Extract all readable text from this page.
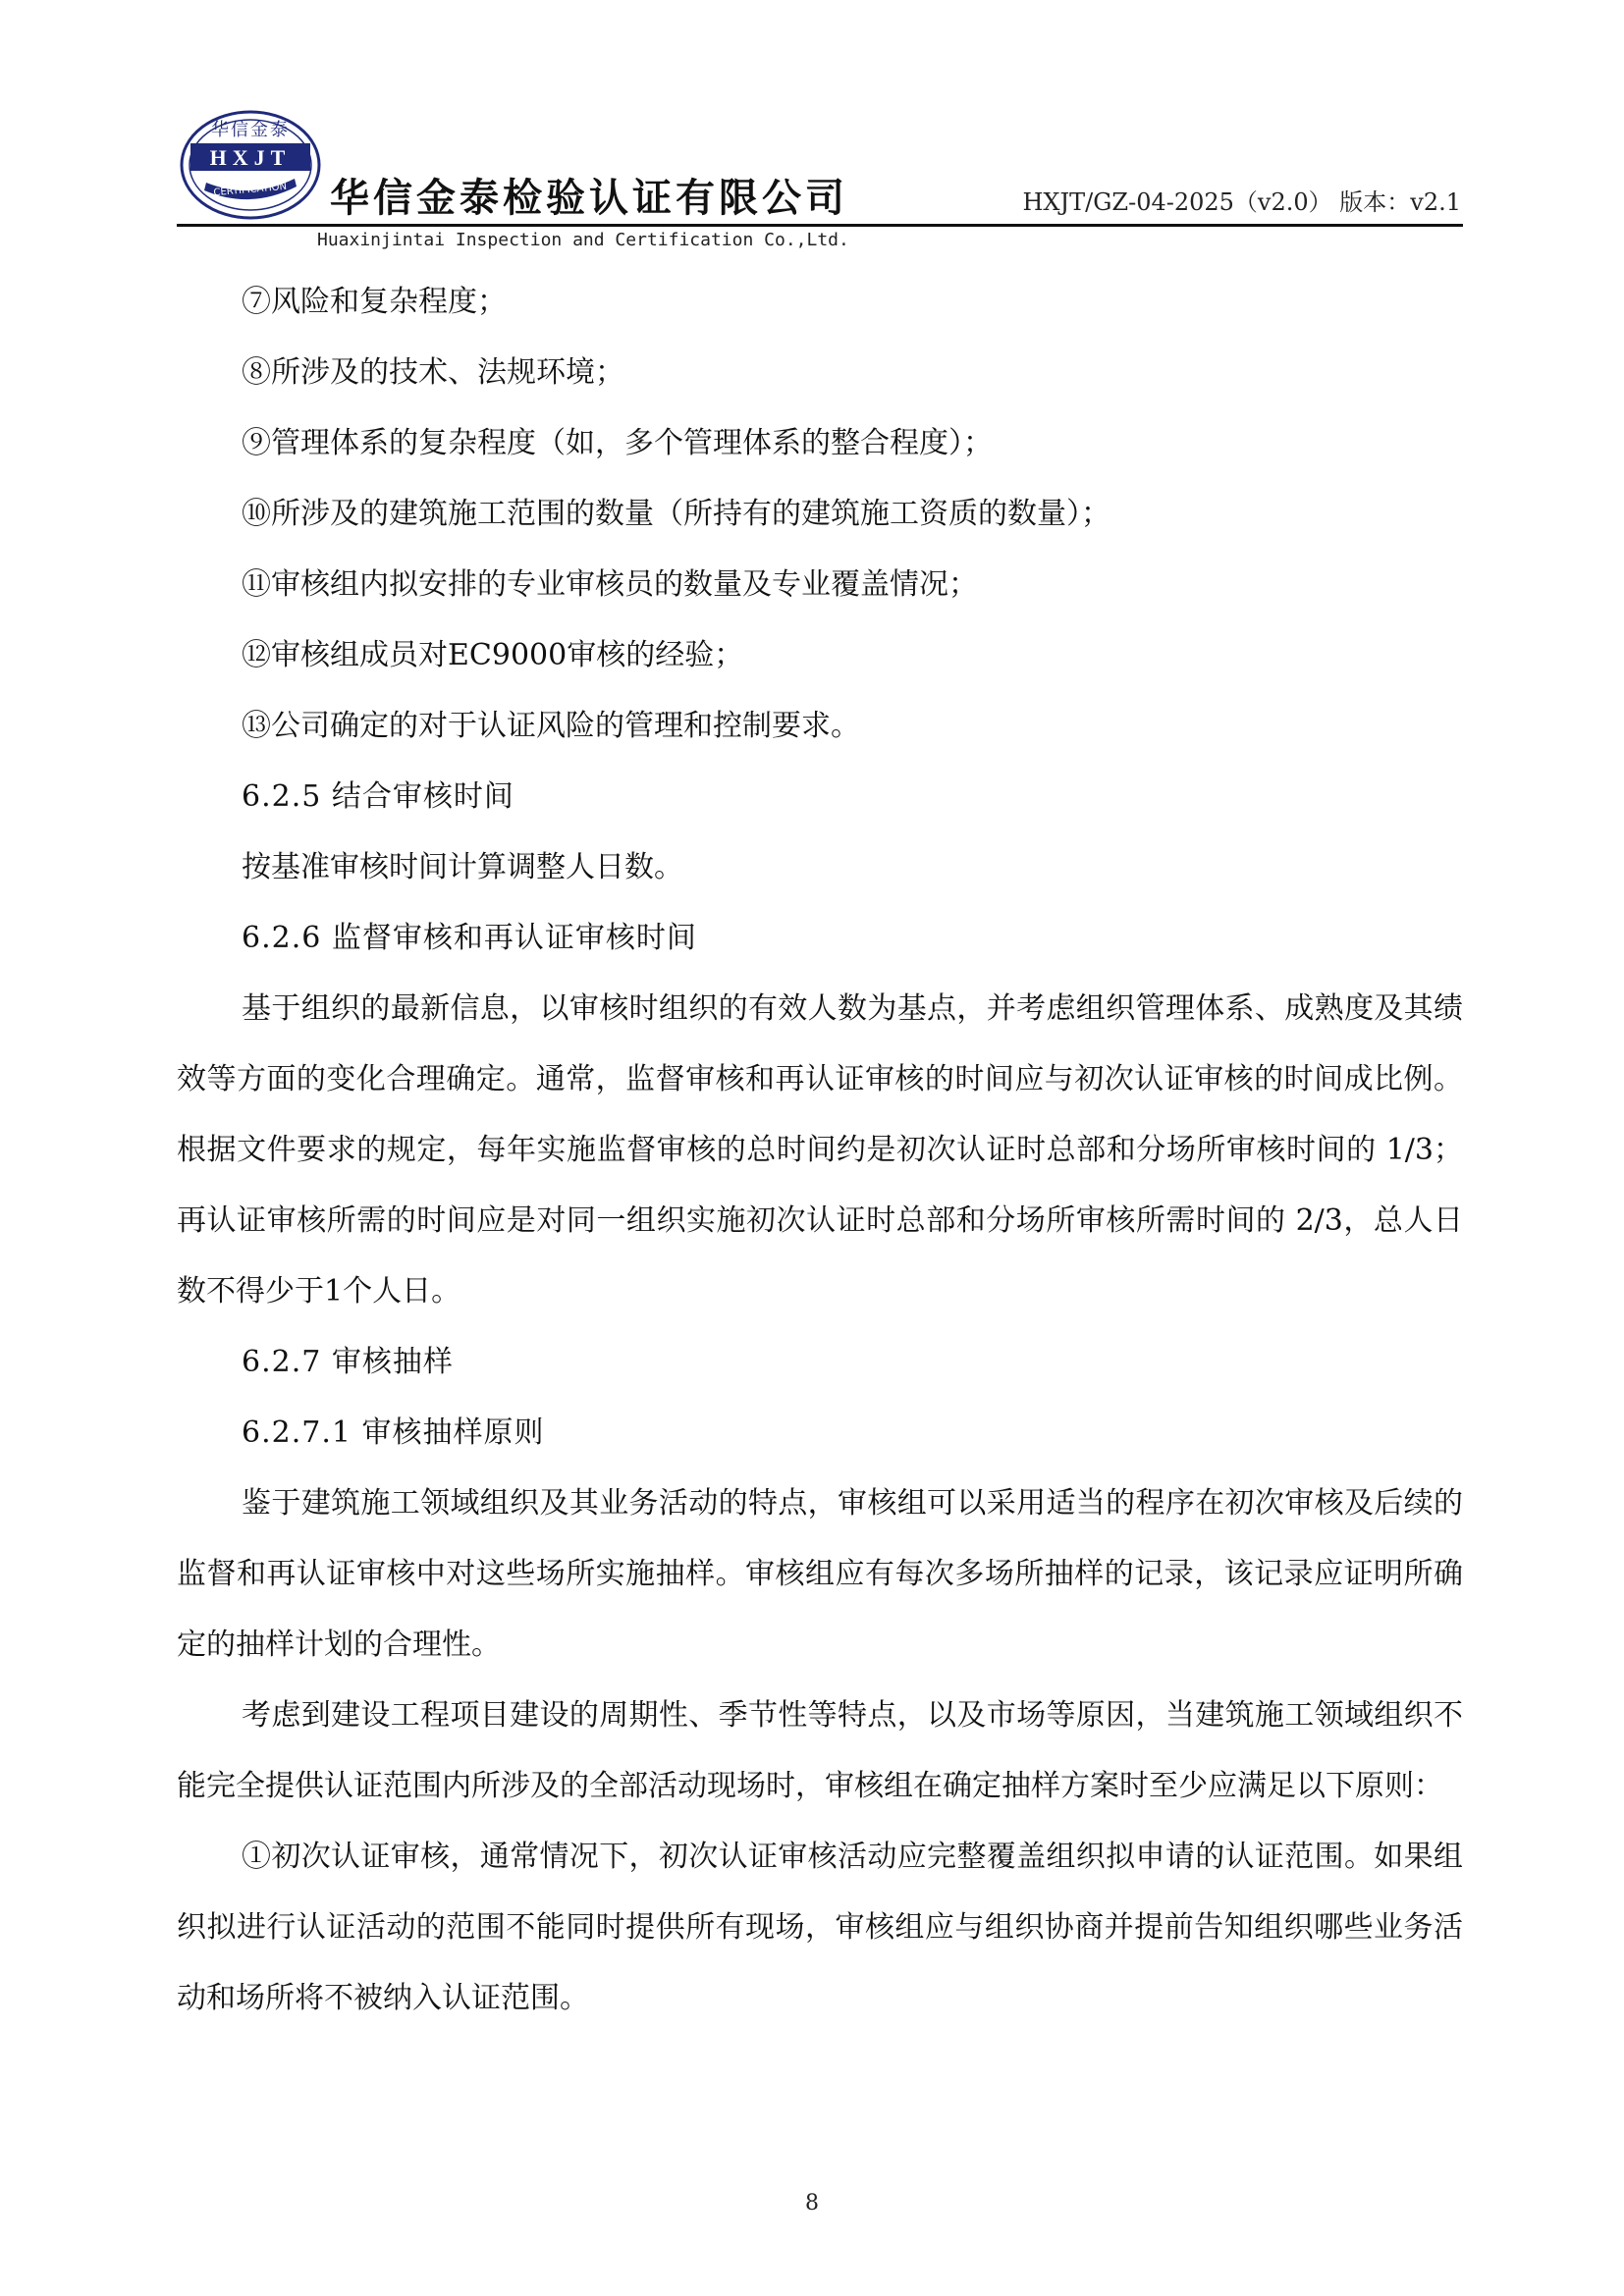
华信金泰
HXJT
CERTIFICATION 华信金泰检验认证有限公司	HXJT/GZ-04-2025（v2.0） 版本：v2.1
Huaxinjintai Inspection and Certification Co.,Ltd.

⑦风险和复杂程度；

⑧所涉及的技术、法规环境；

⑨管理体系的复杂程度（如，多个管理体系的整合程度）；

⑩所涉及的建筑施工范围的数量（所持有的建筑施工资质的数量）；

⑪审核组内拟安排的专业审核员的数量及专业覆盖情况；

⑫审核组成员对EC9000审核的经验；

⑬公司确定的对于认证风险的管理和控制要求。

6.2.5 结合审核时间

按基准审核时间计算调整人日数。

6.2.6 监督审核和再认证审核时间

基于组织的最新信息，以审核时组织的有效人数为基点，并考虑组织管理体系、成熟度及其绩效等方面的变化合理确定。通常，监督审核和再认证审核的时间应与初次认证审核的时间成比例。根据文件要求的规定，每年实施监督审核的总时间约是初次认证时总部和分场所审核时间的 1/3；再认证审核所需的时间应是对同一组织实施初次认证时总部和分场所审核所需时间的 2/3，总人日数不得少于1个人日。

6.2.7 审核抽样

6.2.7.1 审核抽样原则

鉴于建筑施工领域组织及其业务活动的特点，审核组可以采用适当的程序在初次审核及后续的监督和再认证审核中对这些场所实施抽样。审核组应有每次多场所抽样的记录，该记录应证明所确定的抽样计划的合理性。

考虑到建设工程项目建设的周期性、季节性等特点，以及市场等原因，当建筑施工领域组织不能完全提供认证范围内所涉及的全部活动现场时，审核组在确定抽样方案时至少应满足以下原则：

①初次认证审核，通常情况下，初次认证审核活动应完整覆盖组织拟申请的认证范围。如果组织拟进行认证活动的范围不能同时提供所有现场，审核组应与组织协商并提前告知组织哪些业务活动和场所将不被纳入认证范围。

8
